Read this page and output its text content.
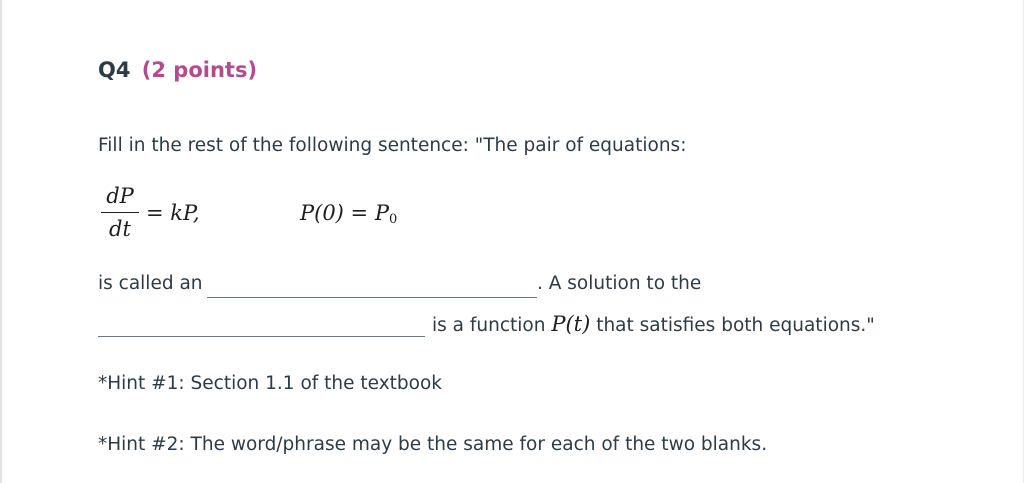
Q4 (2 points)
Fill in the rest of the following sentence: "The pair of equations:
dP
dt
= kP,	$P(0) = P_0$
is called an	. A solution to the
is a function P(t) that satisfies both equations."
*Hint #1: Section 1.1 of the textbook
*Hint #2: The word/phrase may be the same for each of the two blanks.
